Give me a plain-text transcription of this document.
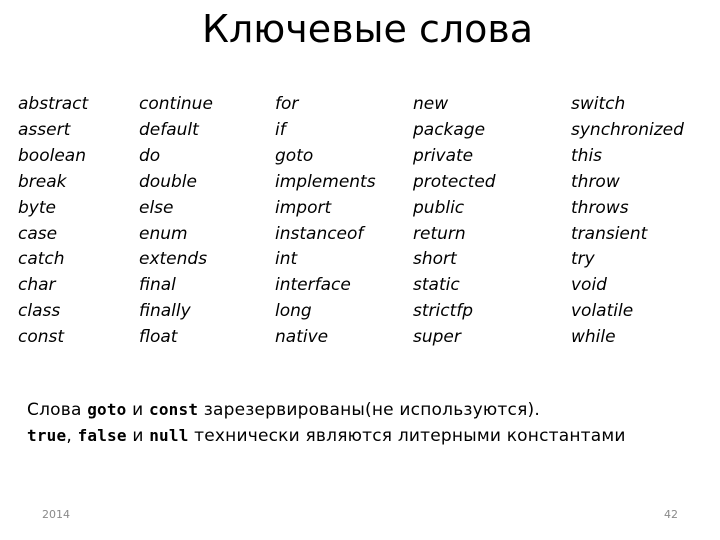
Ключевые слова
abstract
assert
boolean
break
byte
case
catch
char
class
const
continue
default
do
double
else
enum
extends
final
finally
float
for
if
goto
implements
import
instanceof
int
interface
long
native
new
package
private
protected
public
return
short
static
strictfp
super
switch
synchronized
this
throw
throws
transient
try
void
volatile
while
Слова goto и const зарезервированы(не используются).
true, false и null технически являются литерными константами
2014	42
